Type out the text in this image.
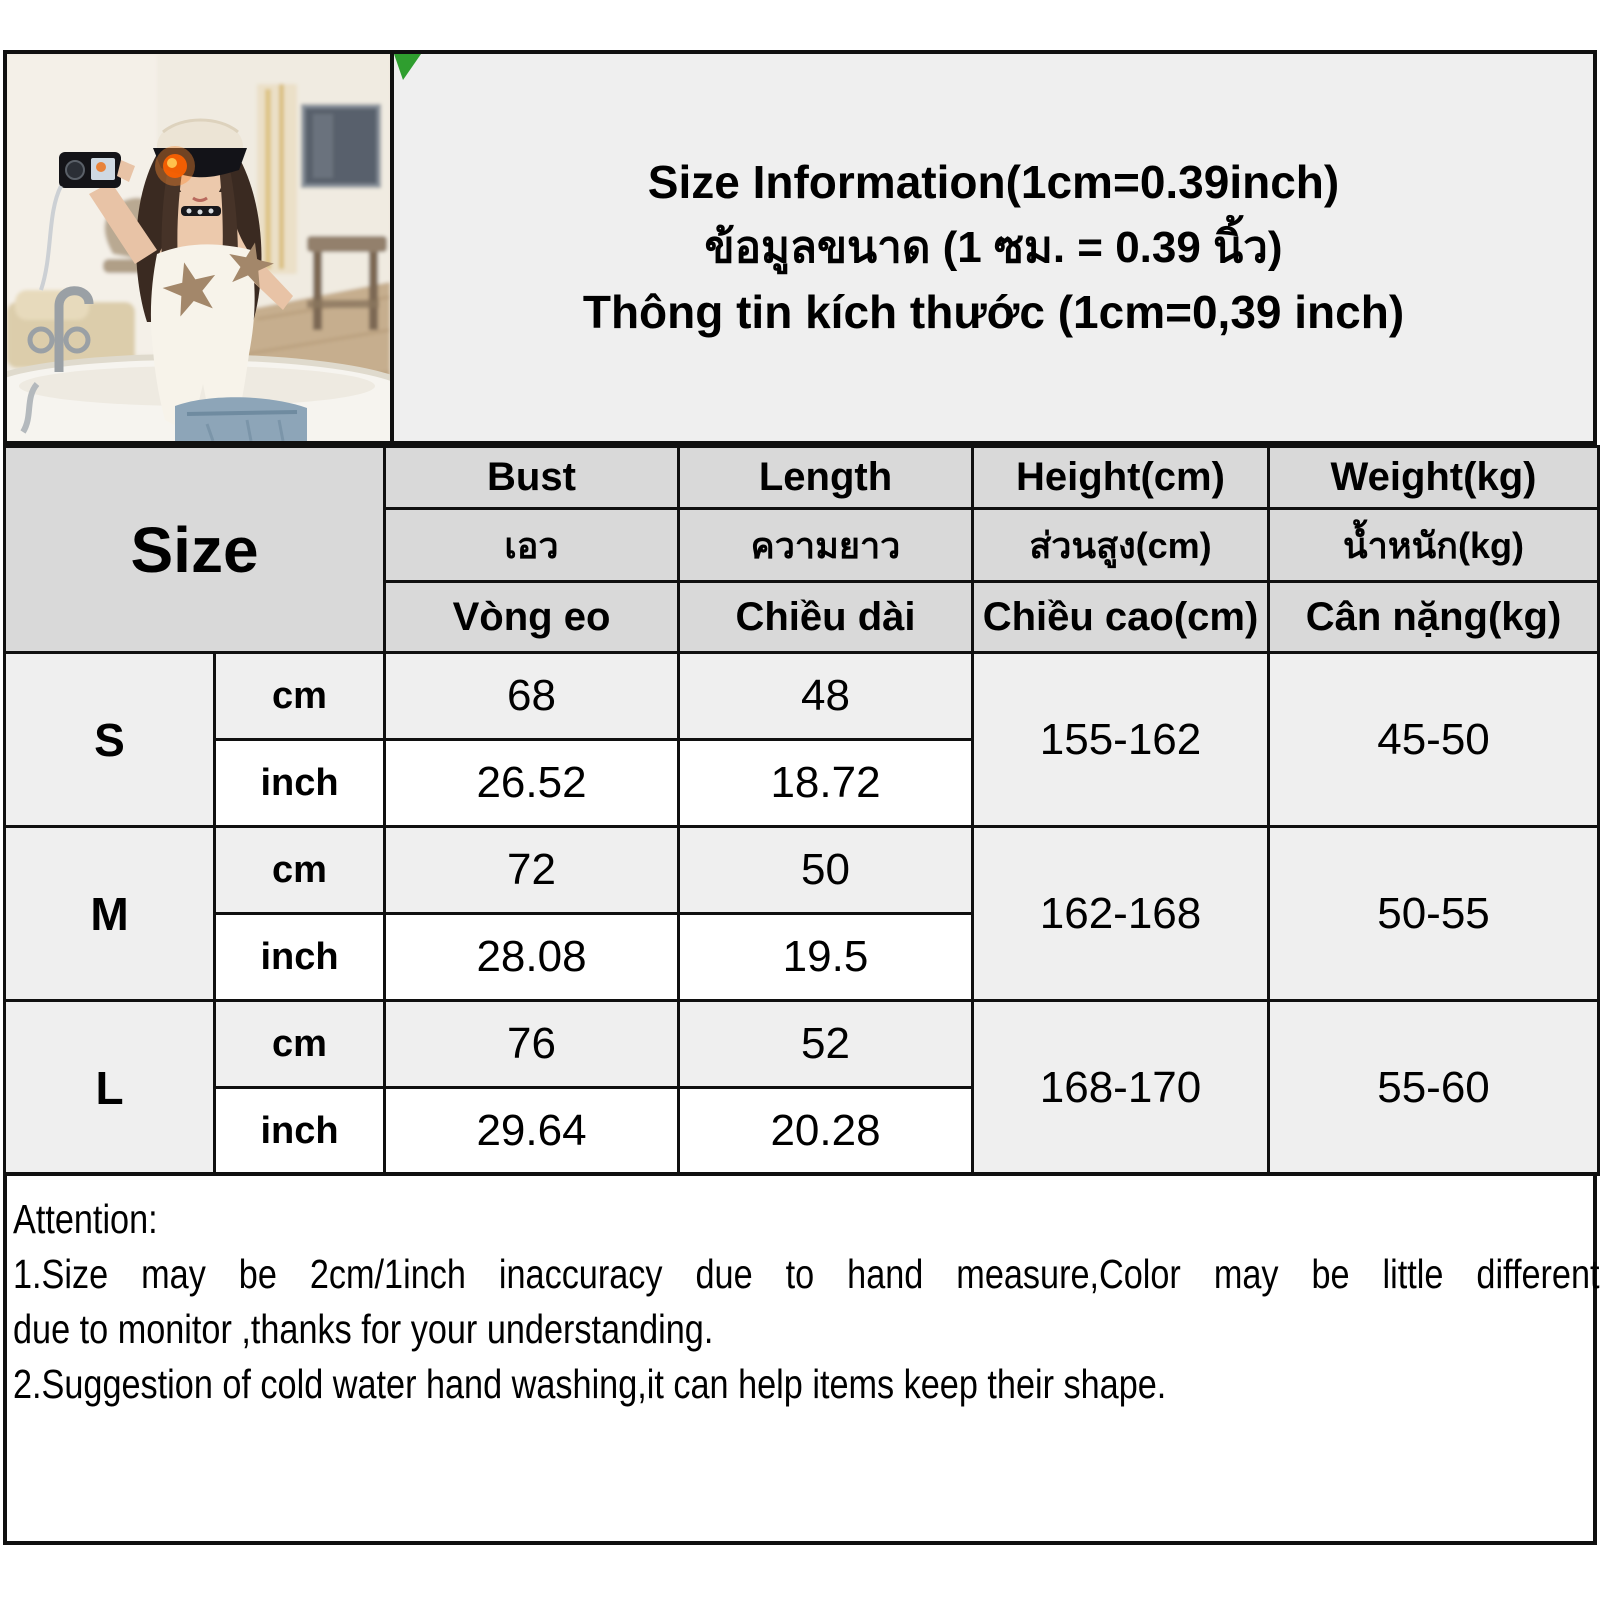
Size Information(1cm=0.39inch)
ข้อมูลขนาด (1 ซม. = 0.39 นิ้ว)
Thông tin kích thước (1cm=0,39 inch)
Size		Bust	Length	Height(cm)	Weight(kg)
		เอว	ความยาว	ส่วนสูง(cm)	น้ำหนัก(kg)
		Vòng eo	Chiều dài	Chiều cao(cm)	Cân nặng(kg)
S	cm	68	48	155-162	45-50
	inch	26.52	18.72		
M	cm	72	50	162-168	50-55
	inch	28.08	19.5		
L	cm	76	52	168-170	55-60
	inch	29.64	20.28		
Attention:
1.Size may be 2cm/1inch inaccuracy due to hand measure,Color may be little different
due to monitor ,thanks for your understanding.
2.Suggestion of cold water hand washing,it can help items keep their shape.
